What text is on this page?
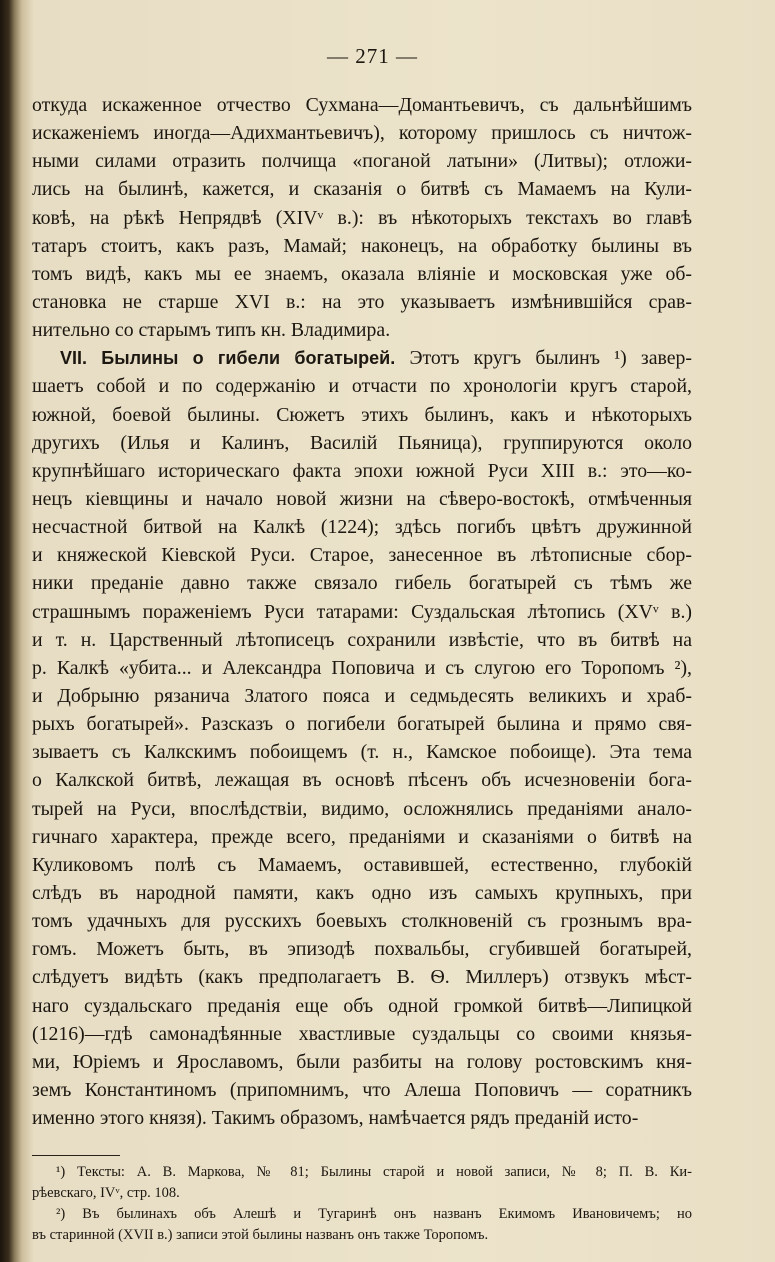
— 271 —
откуда искаженное отчество Сухмана—Домантьевичъ, съ дальнѣйшимъ
искаженіемъ иногда—Адихмантьевичъ), которому пришлось съ ничтож-
ными силами отразить полчища «поганой латыни» (Литвы); отложи-
лись на былинѣ, кажется, и сказанія о битвѣ съ Мамаемъ на Кули-
ковѣ, на рѣкѣ Непрядвѣ (XIVᵛ в.): въ нѣкоторыхъ текстахъ во главѣ
татаръ стоитъ, какъ разъ, Мамай; наконецъ, на обработку былины въ
томъ видѣ, какъ мы ее знаемъ, оказала вліяніе и московская уже об-
становка не старше XVI в.: на это указываетъ измѣнившійся срав-
нительно со старымъ типъ кн. Владимира.
VII. Былины о гибели богатырей. Этотъ кругъ былинъ ¹) завер-
шаетъ собой и по содержанію и отчасти по хронологіи кругъ старой,
южной, боевой былины. Сюжетъ этихъ былинъ, какъ и нѣкоторыхъ
другихъ (Илья и Калинъ, Василій Пьяница), группируются около
крупнѣйшаго историческаго факта эпохи южной Руси XIII в.: это—ко-
нецъ кіевщины и начало новой жизни на сѣверо-востокѣ, отмѣченныя
несчастной битвой на Калкѣ (1224); здѣсь погибъ цвѣтъ дружинной
и княжеской Кіевской Руси. Старое, занесенное въ лѣтописные сбор-
ники преданіе давно также связало гибель богатырей съ тѣмъ же
страшнымъ пораженіемъ Руси татарами: Суздальская лѣтопись (XVᵛ в.)
и т. н. Царственный лѣтописецъ сохранили извѣстіе, что въ битвѣ на
р. Калкѣ «убита... и Александра Поповича и съ слугою его Торопомъ ²),
и Добрыню рязанича Златого пояса и седмьдесять великихъ и храб-
рыхъ богатырей». Разсказъ о погибели богатырей былина и прямо свя-
зываетъ съ Калкскимъ побоищемъ (т. н., Камское побоище). Эта тема
о Калкской битвѣ, лежащая въ основѣ пѣсенъ объ исчезновеніи бога-
тырей на Руси, впослѣдствіи, видимо, осложнялись преданіями анало-
гичнаго характера, прежде всего, преданіями и сказаніями о битвѣ на
Куликовомъ полѣ съ Мамаемъ, оставившей, естественно, глубокій
слѣдъ въ народной памяти, какъ одно изъ самыхъ крупныхъ, при
томъ удачныхъ для русскихъ боевыхъ столкновеній съ грознымъ вра-
гомъ. Можетъ быть, въ эпизодѣ похвальбы, сгубившей богатырей,
слѣдуетъ видѣть (какъ предполагаетъ В. Ѳ. Миллеръ) отзвукъ мѣст-
наго суздальскаго преданія еще объ одной громкой битвѣ—Липицкой
(1216)—гдѣ самонадѣянные хвастливые суздальцы со своими князья-
ми, Юріемъ и Ярославомъ, были разбиты на голову ростовскимъ кня-
земъ Константиномъ (припомнимъ, что Алеша Поповичъ — соратникъ
именно этого князя). Такимъ образомъ, намѣчается рядъ преданій исто-
¹) Тексты: А. В. Маркова, № 81; Былины старой и новой записи, № 8; П. В. Ки-
рѣевскаго, IVᵛ, стр. 108.
²) Въ былинахъ объ Алешѣ и Тугаринѣ онъ названъ Екимомъ Ивановичемъ; но
въ старинной (XVII в.) записи этой былины названъ онъ также Торопомъ.
